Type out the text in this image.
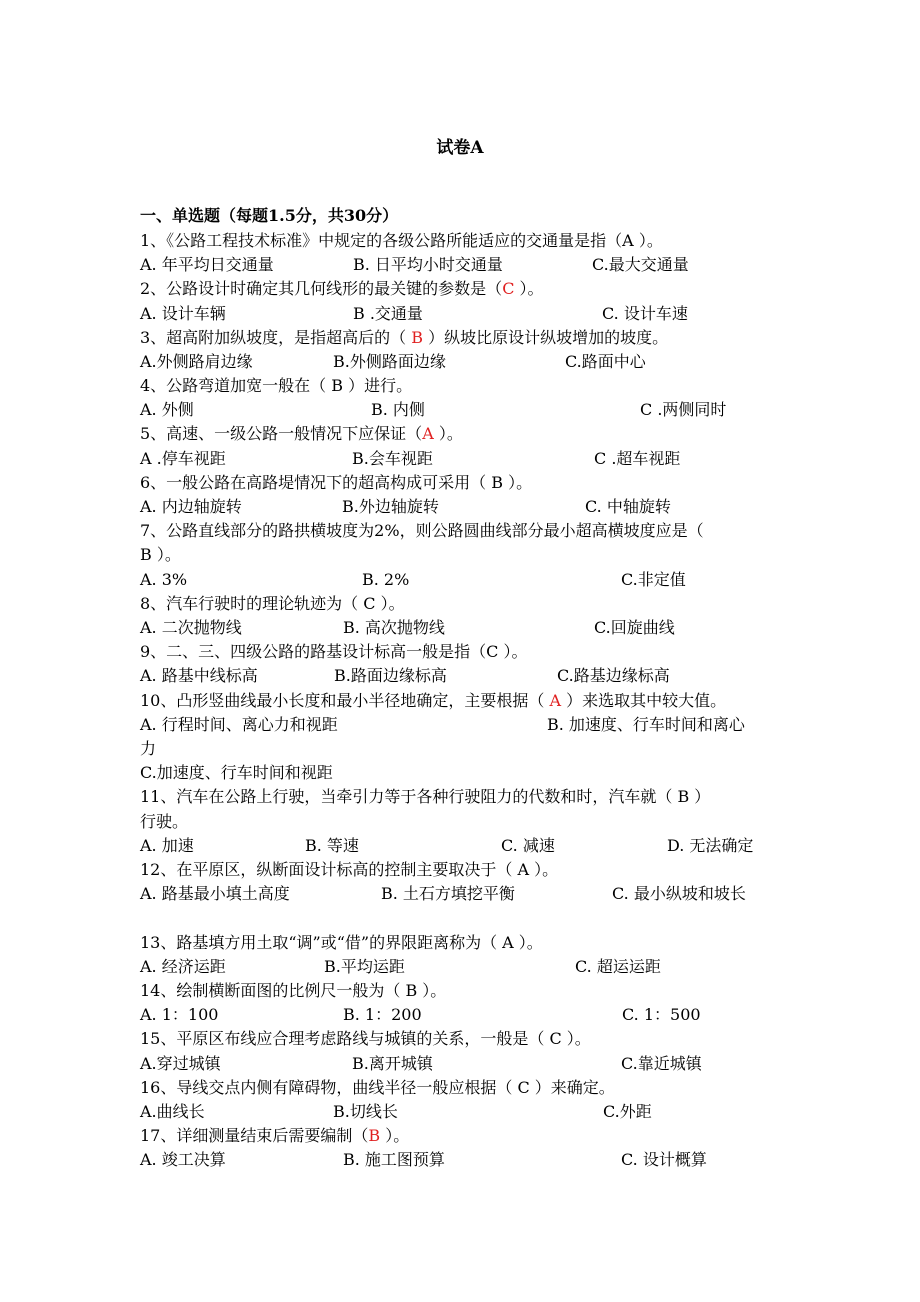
试卷A
一、单选题（每题1.5分，共30分）
1、《公路工程技术标准》中规定的各级公路所能适应的交通量是指（A ）。
A. 年平均日交通量	B. 日平均小时交通量	C.最大交通量
2、公路设计时确定其几何线形的最关键的参数是（C ）。
A. 设计车辆	B .交通量	C. 设计车速
3、超高附加纵坡度，是指超高后的（ B ）纵坡比原设计纵坡增加的坡度。
A.外侧路肩边缘	B.外侧路面边缘	C.路面中心
4、公路弯道加宽一般在（ B ）进行。
A. 外侧	B. 内侧	C .两侧同时
5、高速、一级公路一般情况下应保证（A ）。
A .停车视距	B.会车视距	C .超车视距
6、一般公路在高路堤情况下的超高构成可采用（ B ）。
A. 内边轴旋转	B.外边轴旋转	C. 中轴旋转
7、公路直线部分的路拱横坡度为2%，则公路圆曲线部分最小超高横坡度应是（
B ）。
A. 3%	B. 2%	C.非定值
8、汽车行驶时的理论轨迹为（ C ）。
A. 二次抛物线	B. 高次抛物线	C.回旋曲线
9、二、三、四级公路的路基设计标高一般是指（C ）。
A. 路基中线标高	B.路面边缘标高	C.路基边缘标高
10、凸形竖曲线最小长度和最小半径地确定，主要根据（ A ）来选取其中较大值。
A. 行程时间、离心力和视距	B. 加速度、行车时间和离心
力
C.加速度、行车时间和视距
11、汽车在公路上行驶，当牵引力等于各种行驶阻力的代数和时，汽车就（ B ）
行驶。
A. 加速	B. 等速	C. 减速	D. 无法确定
12、在平原区，纵断面设计标高的控制主要取决于（ A ）。
A. 路基最小填土高度	B. 土石方填挖平衡	C. 最小纵坡和坡长
13、路基填方用土取“调”或“借”的界限距离称为（ A ）。
A. 经济运距	B.平均运距	C. 超运运距
14、绘制横断面图的比例尺一般为（ B ）。
A. 1：100	B. 1：200	C. 1：500
15、平原区布线应合理考虑路线与城镇的关系，一般是（ C ）。
A.穿过城镇	B.离开城镇	C.靠近城镇
16、导线交点内侧有障碍物，曲线半径一般应根据（ C ）来确定。
A.曲线长	B.切线长	C.外距
17、详细测量结束后需要编制（B ）。
A. 竣工决算	B. 施工图预算	C. 设计概算
